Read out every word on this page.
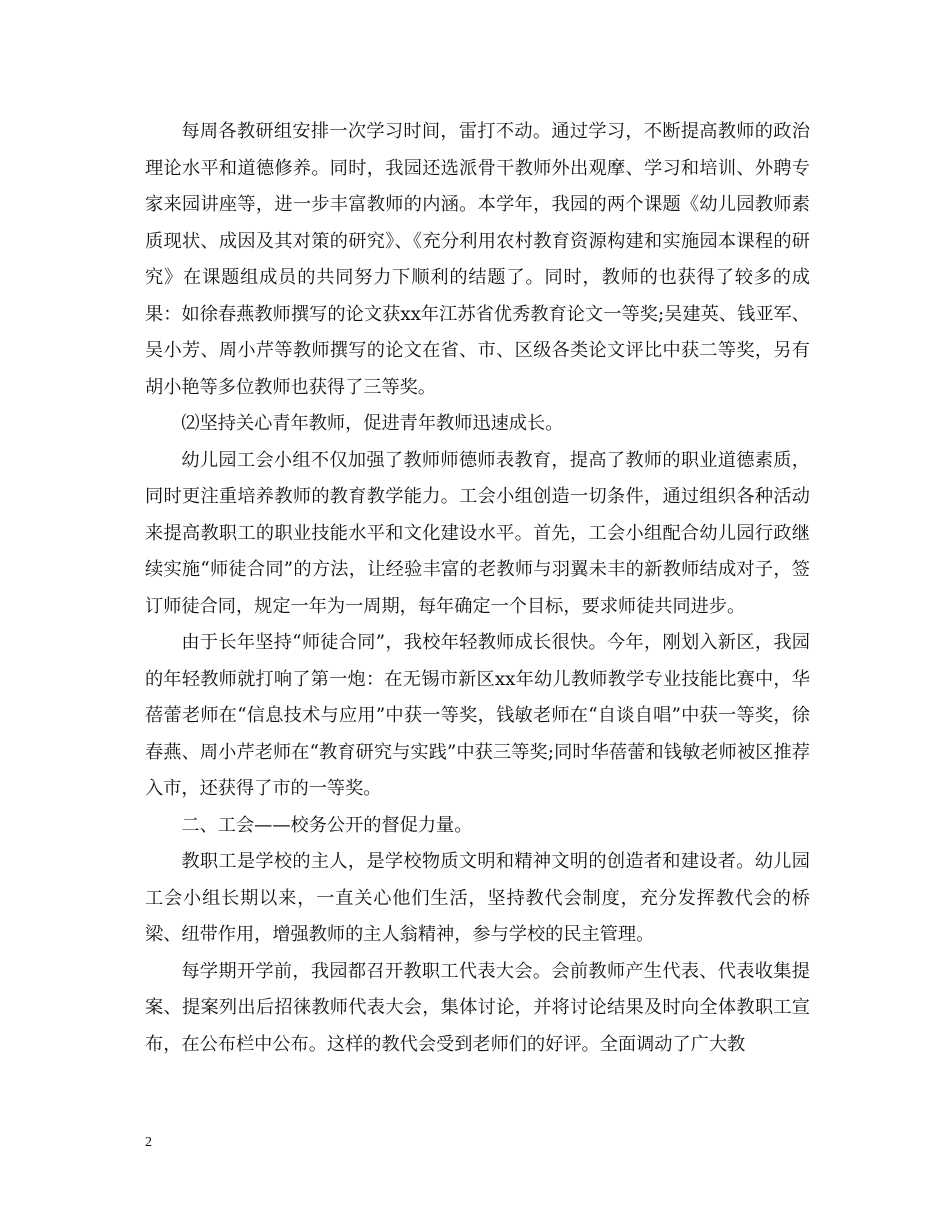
每周各教研组安排一次学习时间，雷打不动。通过学习，不断提高教师的政治理论水平和道德修养。同时，我园还选派骨干教师外出观摩、学习和培训、外聘专家来园讲座等，进一步丰富教师的内涵。本学年，我园的两个课题《幼儿园教师素质现状、成因及其对策的研究》、《充分利用农村教育资源构建和实施园本课程的研究》在课题组成员的共同努力下顺利的结题了。同时，教师的也获得了较多的成果：如徐春燕教师撰写的论文获xx年江苏省优秀教育论文一等奖;吴建英、钱亚军、吴小芳、周小芹等教师撰写的论文在省、市、区级各类论文评比中获二等奖，另有胡小艳等多位教师也获得了三等奖。

⑵坚持关心青年教师，促进青年教师迅速成长。

幼儿园工会小组不仅加强了教师师德师表教育，提高了教师的职业道德素质，同时更注重培养教师的教育教学能力。工会小组创造一切条件，通过组织各种活动来提高教职工的职业技能水平和文化建设水平。首先，工会小组配合幼儿园行政继续实施“师徒合同”的方法，让经验丰富的老教师与羽翼未丰的新教师结成对子，签订师徒合同，规定一年为一周期，每年确定一个目标，要求师徒共同进步。

由于长年坚持“师徒合同”，我校年轻教师成长很快。今年，刚划入新区，我园的年轻教师就打响了第一炮：在无锡市新区xx年幼儿教师教学专业技能比赛中，华蓓蕾老师在“信息技术与应用”中获一等奖，钱敏老师在“自谈自唱”中获一等奖，徐春燕、周小芹老师在“教育研究与实践”中获三等奖;同时华蓓蕾和钱敏老师被区推荐入市，还获得了市的一等奖。

二、工会——校务公开的督促力量。

教职工是学校的主人，是学校物质文明和精神文明的创造者和建设者。幼儿园工会小组长期以来，一直关心他们生活，坚持教代会制度，充分发挥教代会的桥梁、纽带作用，增强教师的主人翁精神，参与学校的民主管理。

每学期开学前，我园都召开教职工代表大会。会前教师产生代表、代表收集提案、提案列出后招徕教师代表大会，集体讨论，并将讨论结果及时向全体教职工宣布，在公布栏中公布。这样的教代会受到老师们的好评。全面调动了广大教

2
